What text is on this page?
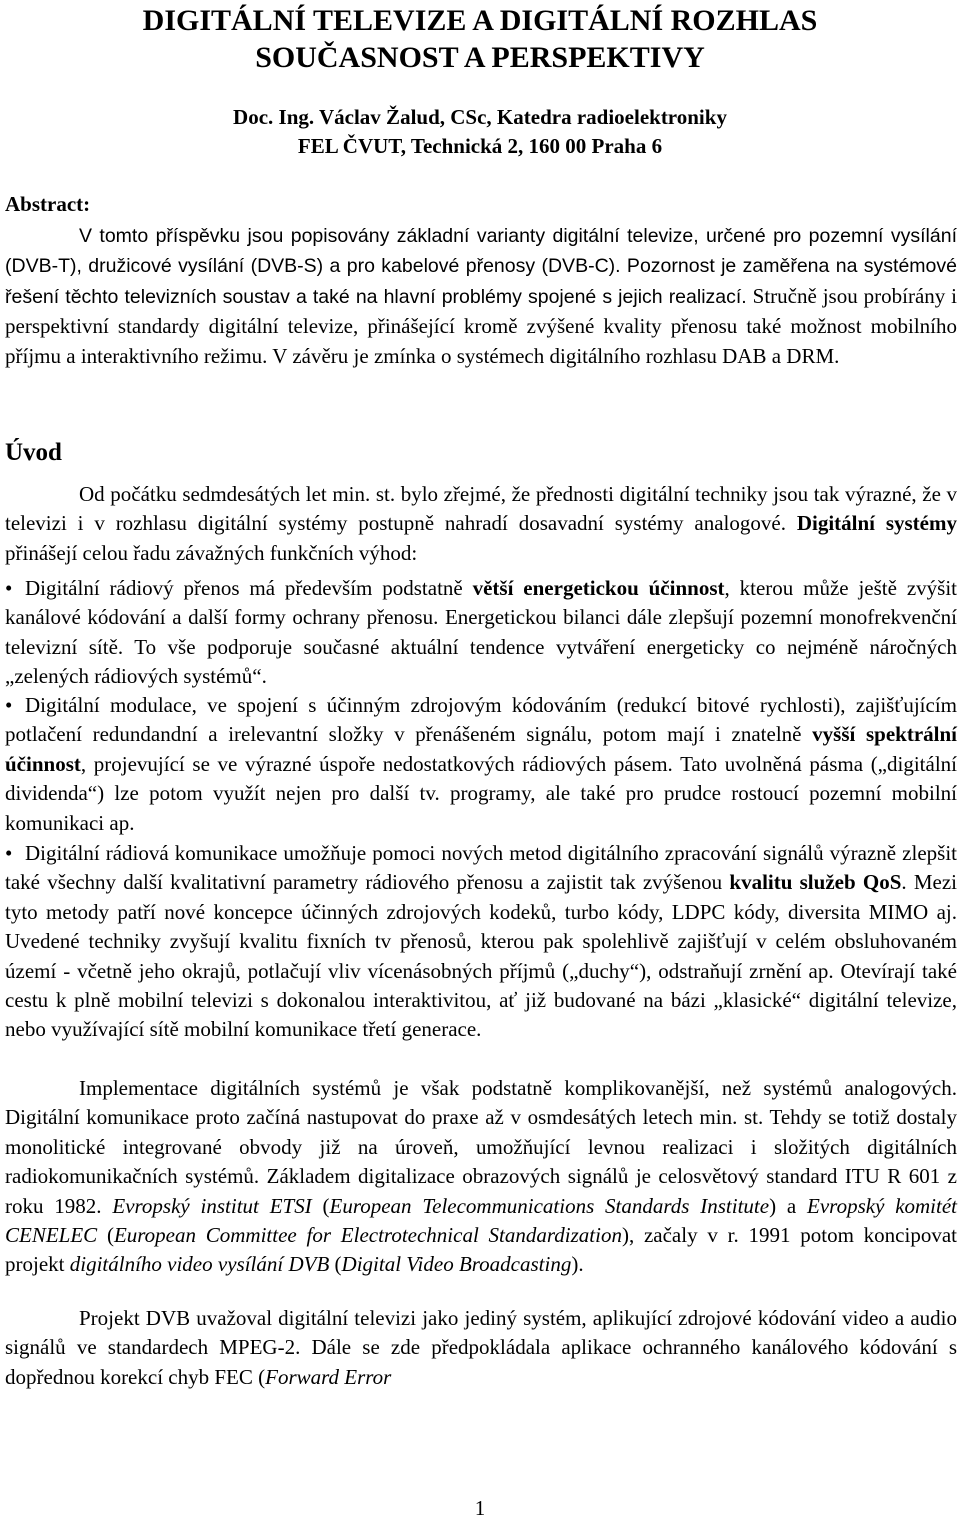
DIGITÁLNÍ TELEVIZE A DIGITÁLNÍ ROZHLAS
SOUČASNOST A PERSPEKTIVY
Doc. Ing. Václav Žalud, CSc, Katedra radioelektroniky
FEL ČVUT, Technická 2, 160 00 Praha 6
Abstract:
V tomto příspěvku jsou popisovány základní varianty digitální televize, určené pro pozemní vysílání (DVB-T), družicové vysílání (DVB-S) a pro kabelové přenosy (DVB-C). Pozornost je zaměřena na systémové řešení těchto televizních soustav a také na hlavní problémy spojené s jejich realizací. Stručně jsou probírány i perspektivní standardy digitální televize, přinášející kromě zvýšené kvality přenosu také možnost mobilního příjmu a interaktivního režimu. V závěru je zmínka o systémech digitálního rozhlasu DAB a DRM.
Úvod
Od počátku sedmdesátých let min. st. bylo zřejmé, že přednosti digitální techniky jsou tak výrazné, že v televizi i v rozhlasu digitální systémy postupně nahradí dosavadní systémy analogové. Digitální systémy přinášejí celou řadu závažných funkčních výhod:
• Digitální rádiový přenos má především podstatně větší energetickou účinnost, kterou může ještě zvýšit kanálové kódování a další formy ochrany přenosu. Energetickou bilanci dále zlepšují pozemní monofrekvenční televizní sítě. To vše podporuje současné aktuální tendence vytváření energeticky co nejméně náročných „zelených rádiových systémů“.
• Digitální modulace, ve spojení s účinným zdrojovým kódováním (redukcí bitové rychlosti), zajišťujícím potlačení redundandní a irelevantní složky v přenášeném signálu, potom mají i znatelně vyšší spektrální účinnost, projevující se ve výrazné úspoře nedostatkových rádiových pásem. Tato uvolněná pásma („digitální dividenda“) lze potom využít nejen pro další tv. programy, ale také pro prudce rostoucí pozemní mobilní komunikaci ap.
• Digitální rádiová komunikace umožňuje pomoci nových metod digitálního zpracování signálů výrazně zlepšit také všechny další kvalitativní parametry rádiového přenosu a zajistit tak zvýšenou kvalitu služeb QoS. Mezi tyto metody patří nové koncepce účinných zdrojových kodeků, turbo kódy, LDPC kódy, diversita MIMO aj. Uvedené techniky zvyšují kvalitu fixních tv přenosů, kterou pak spolehlivě zajišťují v celém obsluhovaném území - včetně jeho okrajů, potlačují vliv vícenásobných příjmů („duchy“), odstraňují zrnění ap. Otevírají také cestu k plně mobilní televizi s dokonalou interaktivitou, ať již budované na bázi „klasické“ digitální televize, nebo využívající sítě mobilní komunikace třetí generace.
Implementace digitálních systémů je však podstatně komplikovanější, než systémů analogových. Digitální komunikace proto začíná nastupovat do praxe až v osmdesátých letech min. st. Tehdy se totiž dostaly monolitické integrované obvody již na úroveň, umožňující levnou realizaci i složitých digitálních radiokomunikačních systémů. Základem digitalizace obrazových signálů je celosvětový standard ITU R 601 z roku 1982. Evropský institut ETSI (European Telecommunications Standards Institute) a Evropský komitét CENELEC (European Committee for Electrotechnical Standardization), začaly v r. 1991 potom koncipovat projekt digitálního video vysílání DVB (Digital Video Broadcasting).
Projekt DVB uvažoval digitální televizi jako jediný systém, aplikující zdrojové kódování video a audio signálů ve standardech MPEG-2. Dále se zde předpokládala aplikace ochranného kanálového kódování s dopřednou korekcí chyb FEC (Forward Error
1
